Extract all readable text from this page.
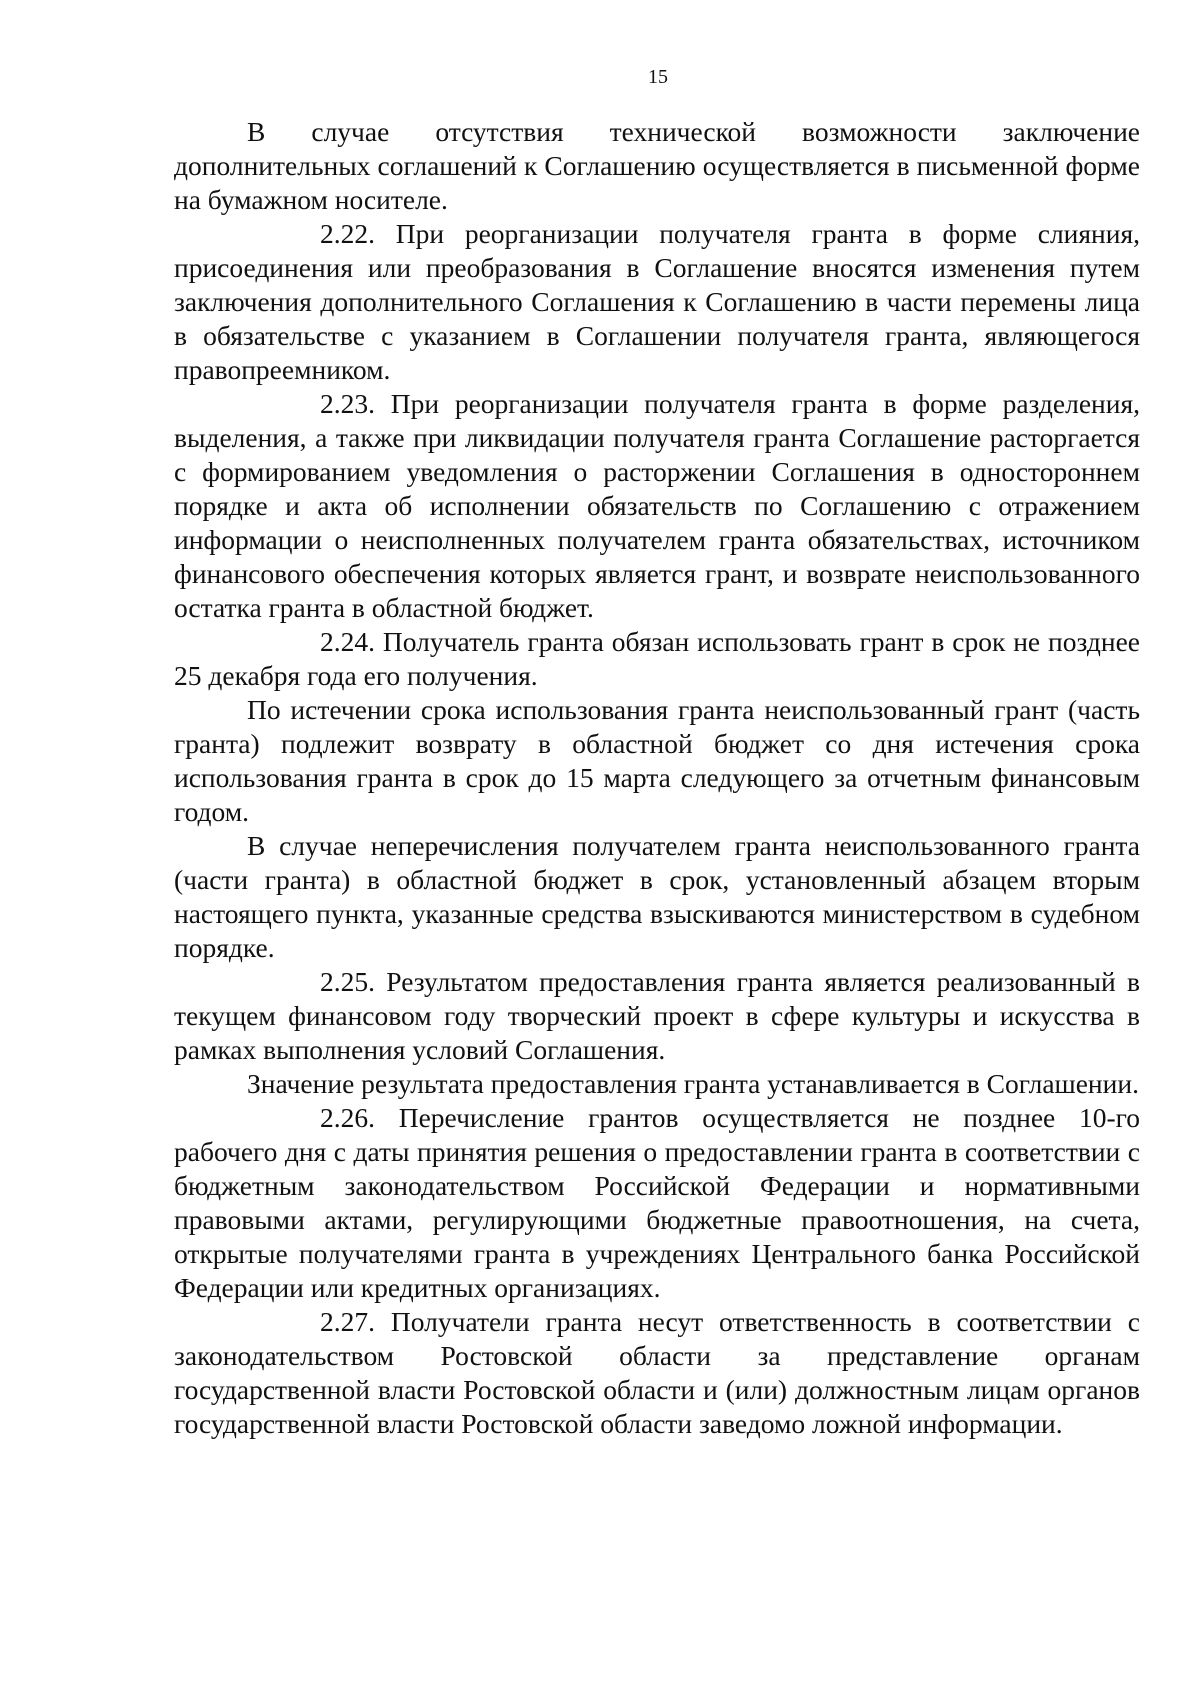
15

В случае отсутствия технической возможности заключение дополнительных соглашений к Соглашению осуществляется в письменной форме на бумажном носителе.

2.22. При реорганизации получателя гранта в форме слияния, присоединения или преобразования в Соглашение вносятся изменения путем заключения дополнительного Соглашения к Соглашению в части перемены лица в обязательстве с указанием в Соглашении получателя гранта, являющегося правопреемником.

2.23. При реорганизации получателя гранта в форме разделения, выделения, а также при ликвидации получателя гранта Соглашение расторгается с формированием уведомления о расторжении Соглашения в одностороннем порядке и акта об исполнении обязательств по Соглашению с отражением информации о неисполненных получателем гранта обязательствах, источником финансового обеспечения которых является грант, и возврате неиспользованного остатка гранта в областной бюджет.

2.24. Получатель гранта обязан использовать грант в срок не позднее 25 декабря года его получения.

По истечении срока использования гранта неиспользованный грант (часть гранта) подлежит возврату в областной бюджет со дня истечения срока использования гранта в срок до 15 марта следующего за отчетным финансовым годом.

В случае неперечисления получателем гранта неиспользованного гранта (части гранта) в областной бюджет в срок, установленный абзацем вторым настоящего пункта, указанные средства взыскиваются министерством в судебном порядке.

2.25. Результатом предоставления гранта является реализованный в текущем финансовом году творческий проект в сфере культуры и искусства в рамках выполнения условий Соглашения.

Значение результата предоставления гранта устанавливается в Соглашении.

2.26. Перечисление грантов осуществляется не позднее 10-го рабочего дня с даты принятия решения о предоставлении гранта в соответствии с бюджетным законодательством Российской Федерации и нормативными правовыми актами, регулирующими бюджетные правоотношения, на счета, открытые получателями гранта в учреждениях Центрального банка Российской Федерации или кредитных организациях.

2.27. Получатели гранта несут ответственность в соответствии с законодательством Ростовской области за представление органам государственной власти Ростовской области и (или) должностным лицам органов государственной власти Ростовской области заведомо ложной информации.
